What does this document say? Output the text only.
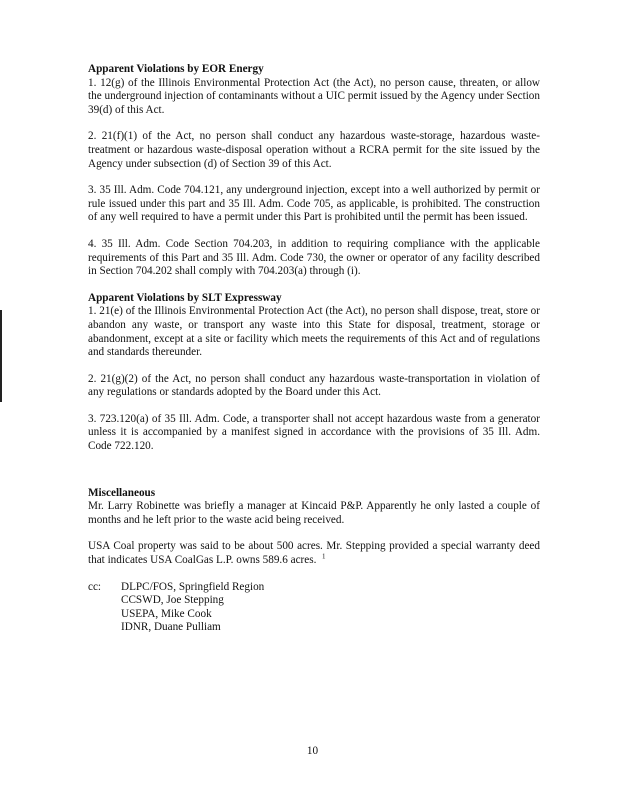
Apparent Violations by EOR Energy

1. 12(g) of the Illinois Environmental Protection Act (the Act), no person cause, threaten, or allow the underground injection of contaminants without a UIC permit issued by the Agency under Section 39(d) of this Act.

2. 21(f)(1) of the Act, no person shall conduct any hazardous waste-storage, hazardous waste-treatment or hazardous waste-disposal operation without a RCRA permit for the site issued by the Agency under subsection (d) of Section 39 of this Act.

3. 35 Ill. Adm. Code 704.121, any underground injection, except into a well authorized by permit or rule issued under this part and 35 Ill. Adm. Code 705, as applicable, is prohibited. The construction of any well required to have a permit under this Part is prohibited until the permit has been issued.

4. 35 Ill. Adm. Code Section 704.203, in addition to requiring compliance with the applicable requirements of this Part and 35 Ill. Adm. Code 730, the owner or operator of any facility described in Section 704.202 shall comply with 704.203(a) through (i).

Apparent Violations by SLT Expressway

1. 21(e) of the Illinois Environmental Protection Act (the Act), no person shall dispose, treat, store or abandon any waste, or transport any waste into this State for disposal, treatment, storage or abandonment, except at a site or facility which meets the requirements of this Act and of regulations and standards thereunder.

2. 21(g)(2) of the Act, no person shall conduct any hazardous waste-transportation in violation of any regulations or standards adopted by the Board under this Act.

3. 723.120(a) of 35 Ill. Adm. Code, a transporter shall not accept hazardous waste from a generator unless it is accompanied by a manifest signed in accordance with the provisions of 35 Ill. Adm. Code 722.120.

Miscellaneous

Mr. Larry Robinette was briefly a manager at Kincaid P&P. Apparently he only lasted a couple of months and he left prior to the waste acid being received.

USA Coal property was said to be about 500 acres. Mr. Stepping provided a special warranty deed that indicates USA CoalGas L.P. owns 589.6 acres. $^1$

cc: DLPC/FOS, Springfield Region
CCSWD, Joe Stepping
USEPA, Mike Cook
IDNR, Duane Pulliam
10
